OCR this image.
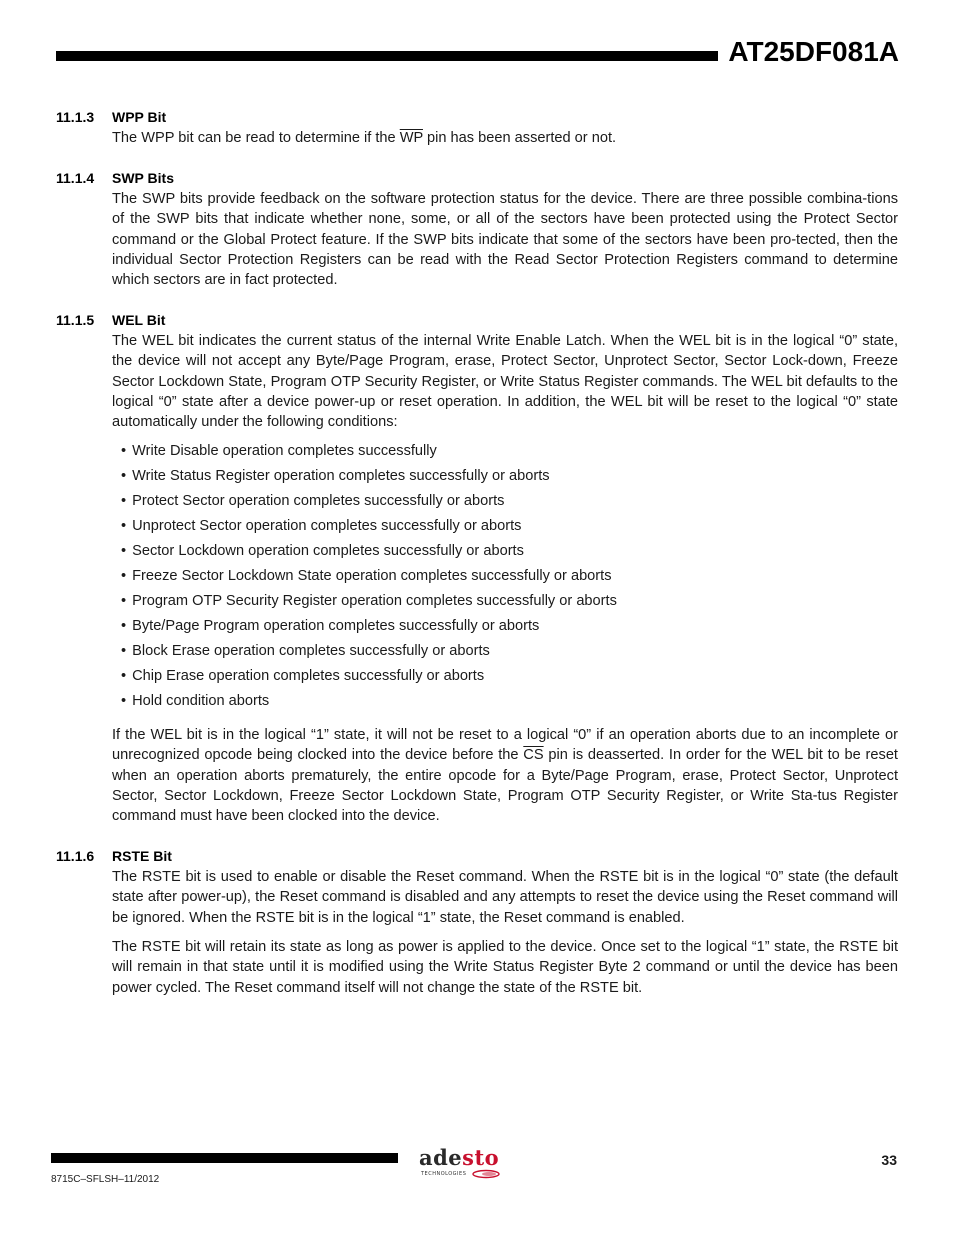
AT25DF081A
11.1.3 WPP Bit

The WPP bit can be read to determine if the $\overline{WP}$ pin has been asserted or not.

11.1.4 SWP Bits

The SWP bits provide feedback on the software protection status for the device. There are three possible combina-tions of the SWP bits that indicate whether none, some, or all of the sectors have been protected using the Protect Sector command or the Global Protect feature. If the SWP bits indicate that some of the sectors have been pro-tected, then the individual Sector Protection Registers can be read with the Read Sector Protection Registers command to determine which sectors are in fact protected.

11.1.5 WEL Bit

The WEL bit indicates the current status of the internal Write Enable Latch. When the WEL bit is in the logical “0” state, the device will not accept any Byte/Page Program, erase, Protect Sector, Unprotect Sector, Sector Lock-down, Freeze Sector Lockdown State, Program OTP Security Register, or Write Status Register commands. The WEL bit defaults to the logical “0” state after a device power-up or reset operation. In addition, the WEL bit will be reset to the logical “0” state automatically under the following conditions:

• Write Disable operation completes successfully
• Write Status Register operation completes successfully or aborts
• Protect Sector operation completes successfully or aborts
• Unprotect Sector operation completes successfully or aborts
• Sector Lockdown operation completes successfully or aborts
• Freeze Sector Lockdown State operation completes successfully or aborts
• Program OTP Security Register operation completes successfully or aborts
• Byte/Page Program operation completes successfully or aborts
• Block Erase operation completes successfully or aborts
• Chip Erase operation completes successfully or aborts
• Hold condition aborts

If the WEL bit is in the logical “1” state, it will not be reset to a logical “0” if an operation aborts due to an incomplete or unrecognized opcode being clocked into the device before the $\overline{CS}$ pin is deasserted. In order for the WEL bit to be reset when an operation aborts prematurely, the entire opcode for a Byte/Page Program, erase, Protect Sector, Unprotect Sector, Sector Lockdown, Freeze Sector Lockdown State, Program OTP Security Register, or Write Sta-tus Register command must have been clocked into the device.

11.1.6 RSTE Bit

The RSTE bit is used to enable or disable the Reset command. When the RSTE bit is in the logical “0” state (the default state after power-up), the Reset command is disabled and any attempts to reset the device using the Reset command will be ignored. When the RSTE bit is in the logical “1” state, the Reset command is enabled.

The RSTE bit will retain its state as long as power is applied to the device. Once set to the logical “1” state, the RSTE bit will remain in that state until it is modified using the Write Status Register Byte 2 command or until the device has been power cycled. The Reset command itself will not change the state of the RSTE bit.

8715C–SFLSH–11/2012

33

adesto
TECHNOLOGIES
